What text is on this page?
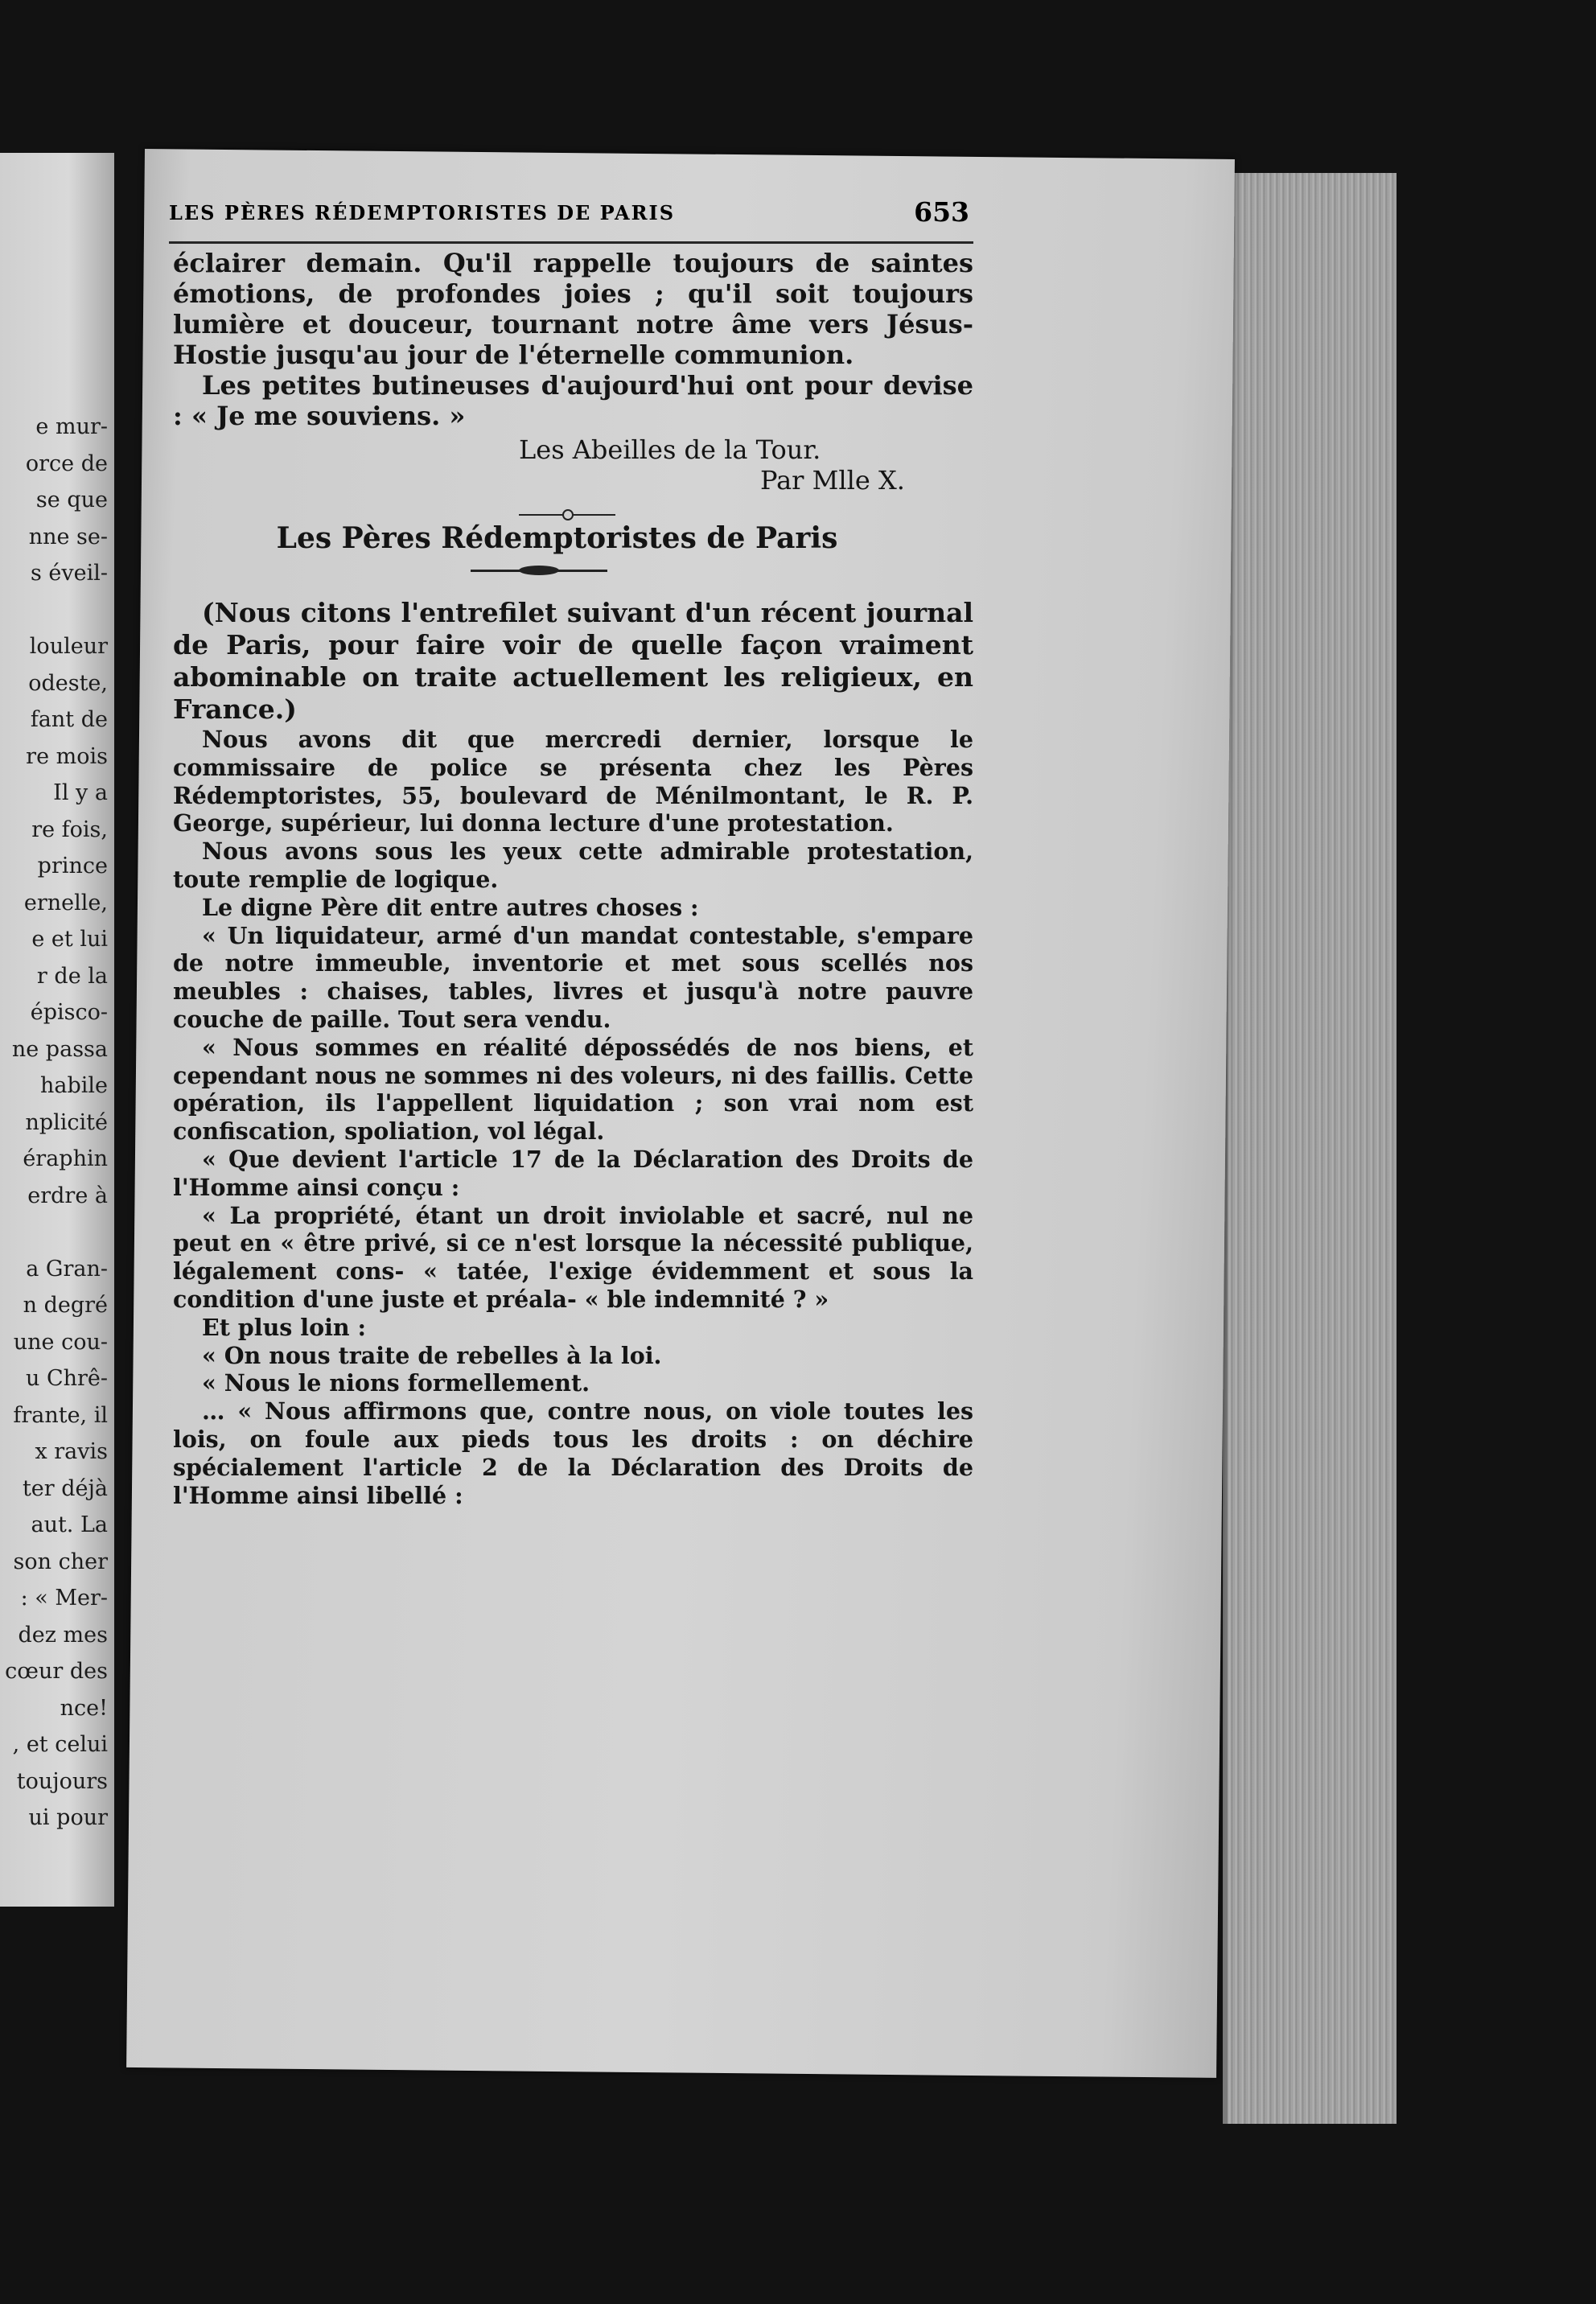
e mur-
orce de
se que
nne se-
s éveil-
louleur
odeste,
fant de
re mois
Il y a
re fois,
prince
ernelle,
e et lui
r de la
épisco-
ne passa
habile
nplicité
éraphin
erdre à
a Gran-
n degré
une cou-
u Chrê-
frante, il
x ravis
ter déjà
aut. La
son cher
: « Mer-
dez mes
cœur des
nce!
, et celui
toujours
ui pour
LES PÈRES RÉDEMPTORISTES DE PARIS	653

éclairer demain. Qu'il rappelle toujours de saintes émotions, de profondes joies ; qu'il soit toujours lumière et douceur, tournant notre âme vers Jésus-Hostie jusqu'au jour de l'éternelle communion.

Les petites butineuses d'aujourd'hui ont pour devise : « Je me souviens. »

Les Abeilles de la Tour.

Par Mlle X.

Les Pères Rédemptoristes de Paris

(Nous citons l'entrefilet suivant d'un récent journal de Paris, pour faire voir de quelle façon vraiment abominable on traite actuellement les religieux, en France.)

Nous avons dit que mercredi dernier, lorsque le commissaire de police se présenta chez les Pères Rédemptoristes, 55, boulevard de Ménilmontant, le R. P. George, supérieur, lui donna lecture d'une protestation.

Nous avons sous les yeux cette admirable protestation, toute remplie de logique.

Le digne Père dit entre autres choses :

« Un liquidateur, armé d'un mandat contestable, s'empare de notre immeuble, inventorie et met sous scellés nos meubles : chaises, tables, livres et jusqu'à notre pauvre couche de paille. Tout sera vendu.

« Nous sommes en réalité dépossédés de nos biens, et cependant nous ne sommes ni des voleurs, ni des faillis. Cette opération, ils l'appellent liquidation ; son vrai nom est confiscation, spoliation, vol légal.

« Que devient l'article 17 de la Déclaration des Droits de l'Homme ainsi conçu :

« La propriété, étant un droit inviolable et sacré, nul ne peut en « être privé, si ce n'est lorsque la nécessité publique, légalement cons- « tatée, l'exige évidemment et sous la condition d'une juste et préala- « ble indemnité ? »

Et plus loin :

« On nous traite de rebelles à la loi.

« Nous le nions formellement.

… « Nous affirmons que, contre nous, on viole toutes les lois, on foule aux pieds tous les droits : on déchire spécialement l'article 2 de la Déclaration des Droits de l'Homme ainsi libellé :
